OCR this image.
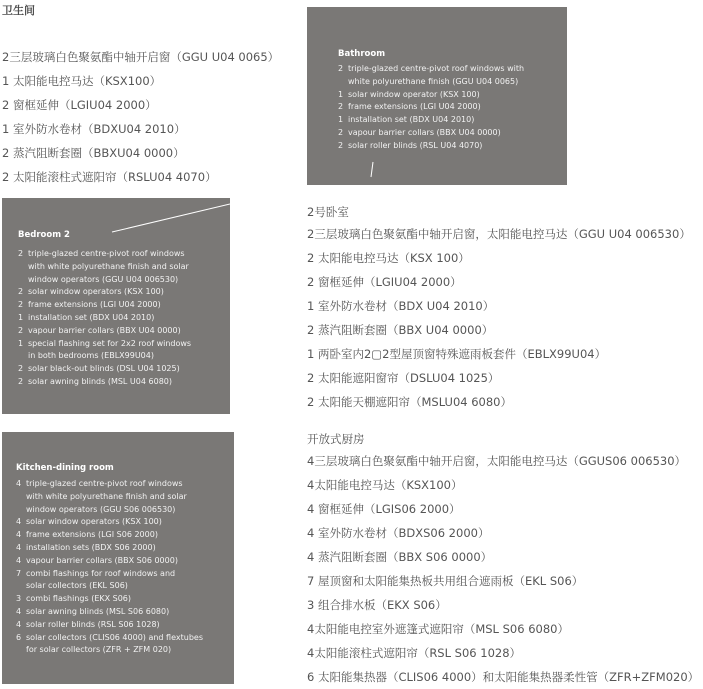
卫生间
2三层玻璃白色聚氨酯中轴开启窗（GGU U04 0065）
1 太阳能电控马达（KSX100）
2 窗框延伸（LGIU04 2000）
1 室外防水卷材（BDXU04 2010）
2 蒸汽阻断套圈（BBXU04 0000）
2 太阳能滚柱式遮阳帘（RSLU04 4070）
Bathroom
2 triple-glazed centre-pivot roof windows with
white polyurethane finish (GGU U04 0065)
1 solar window operator (KSX 100)
2 frame extensions (LGI U04 2000)
1 installation set (BDX U04 2010)
2 vapour barrier collars (BBX U04 0000)
2 solar roller blinds (RSL U04 4070)
Bedroom 2
2 triple-glazed centre-pivot roof windows
with white polyurethane finish and solar
window operators (GGU U04 006530)
2 solar window operators (KSX 100)
2 frame extensions (LGI U04 2000)
1 installation set (BDX U04 2010)
2 vapour barrier collars (BBX U04 0000)
1 special flashing set for 2x2 roof windows
in both bedrooms (EBLX99U04)
2 solar black-out blinds (DSL U04 1025)
2 solar awning blinds (MSL U04 6080)
2号卧室
2三层玻璃白色聚氨酯中轴开启窗，太阳能电控马达（GGU U04 006530）
2 太阳能电控马达（KSX 100）
2 窗框延伸（LGIU04 2000）
1 室外防水卷材（BDX U04 2010）
2 蒸汽阻断套圈（BBX U04 0000）
1 两卧室内2▢2型屋顶窗特殊遮雨板套件（EBLX99U04）
2 太阳能遮阳窗帘（DSLU04 1025）
2 太阳能天棚遮阳帘（MSLU04 6080）
Kitchen-dining room
4 triple-glazed centre-pivot roof windows
with white polyurethane finish and solar
window operators (GGU S06 006530)
4 solar window operators (KSX 100)
4 frame extensions (LGI S06 2000)
4 installation sets (BDX S06 2000)
4 vapour barrier collars (BBX S06 0000)
7 combi flashings for roof windows and
solar collectors (EKL S06)
3 combi flashings (EKX S06)
4 solar awning blinds (MSL S06 6080)
4 solar roller blinds (RSL S06 1028)
6 solar collectors (CLIS06 4000) and flextubes
for solar collectors (ZFR + ZFM 020)
开放式厨房
4三层玻璃白色聚氨酯中轴开启窗，太阳能电控马达（GGUS06 006530）
4太阳能电控马达（KSX100）
4 窗框延伸（LGIS06 2000）
4 室外防水卷材（BDXS06 2000）
4 蒸汽阻断套圈（BBX S06 0000）
7 屋顶窗和太阳能集热板共用组合遮雨板（EKL S06）
3 组合排水板（EKX S06）
4太阳能电控室外遮篷式遮阳帘（MSL S06 6080）
4太阳能滚柱式遮阳帘（RSL S06 1028）
6 太阳能集热器（CLIS06 4000）和太阳能集热器柔性管（ZFR+ZFM020）
